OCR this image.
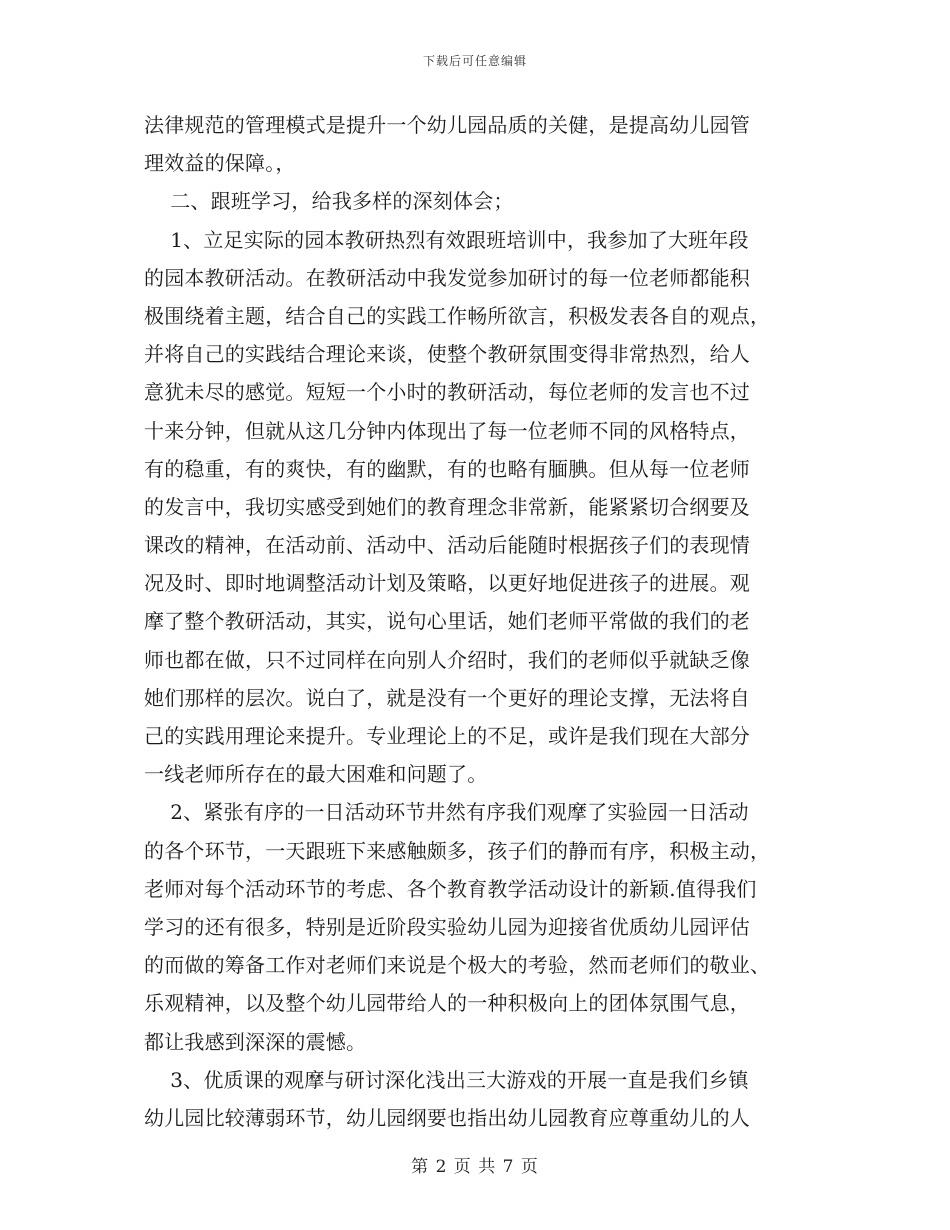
下载后可任意编辑
法律规范的管理模式是提升一个幼儿园品质的关健，是提高幼儿园管
理效益的保障。，
二、跟班学习，给我多样的深刻体会；
1、立足实际的园本教研热烈有效跟班培训中，我参加了大班年段
的园本教研活动。在教研活动中我发觉参加研讨的每一位老师都能积
极围绕着主题，结合自己的实践工作畅所欲言，积极发表各自的观点，
并将自己的实践结合理论来谈，使整个教研氛围变得非常热烈，给人
意犹未尽的感觉。短短一个小时的教研活动，每位老师的发言也不过
十来分钟，但就从这几分钟内体现出了每一位老师不同的风格特点，
有的稳重，有的爽快，有的幽默，有的也略有腼腆。但从每一位老师
的发言中，我切实感受到她们的教育理念非常新，能紧紧切合纲要及
课改的精神，在活动前、活动中、活动后能随时根据孩子们的表现情
况及时、即时地调整活动计划及策略，以更好地促进孩子的进展。观
摩了整个教研活动，其实，说句心里话，她们老师平常做的我们的老
师也都在做，只不过同样在向别人介绍时，我们的老师似乎就缺乏像
她们那样的层次。说白了，就是没有一个更好的理论支撑，无法将自
己的实践用理论来提升。专业理论上的不足，或许是我们现在大部分
一线老师所存在的最大困难和问题了。
2、紧张有序的一日活动环节井然有序我们观摩了实验园一日活动
的各个环节，一天跟班下来感触颇多，孩子们的静而有序，积极主动，
老师对每个活动环节的考虑、各个教育教学活动设计的新颖.值得我们
学习的还有很多，特别是近阶段实验幼儿园为迎接省优质幼儿园评估
的而做的筹备工作对老师们来说是个极大的考验，然而老师们的敬业、
乐观精神，以及整个幼儿园带给人的一种积极向上的团体氛围气息，
都让我感到深深的震憾。
3、优质课的观摩与研讨深化浅出三大游戏的开展一直是我们乡镇
幼儿园比较薄弱环节，幼儿园纲要也指出幼儿园教育应尊重幼儿的人
第 2 页 共 7 页
